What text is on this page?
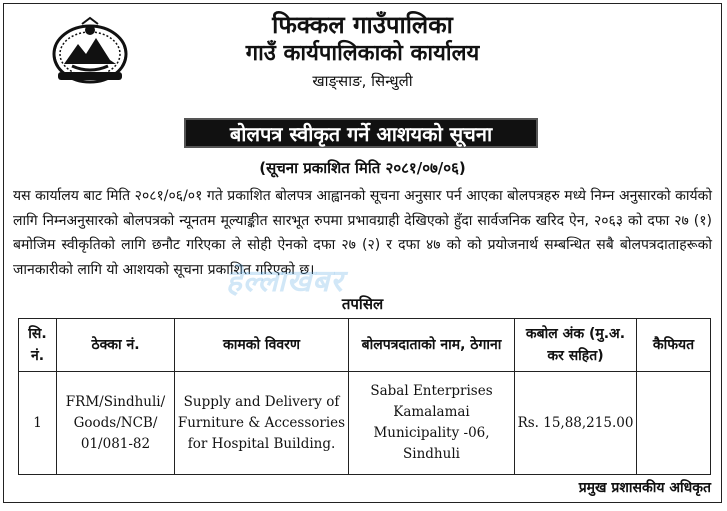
फिक्कल गाउँपालिका
गाउँ कार्यपालिकाको कार्यालय
खाङ्साङ, सिन्धुली
बोलपत्र स्वीकृत गर्ने आशयको सूचना
(सूचना प्रकाशित मिति २०८१/०७/०६)
यस कार्यालय बाट मिति २०८१/०६/०१ गते प्रकाशित बोलपत्र आह्वानको सूचना अनुसार पर्न आएका बोलपत्रहरु मध्ये निम्न अनुसारको कार्यको लागि निम्नअनुसारको बोलपत्रको न्यूनतम मूल्याङ्कीत सारभूत रुपमा प्रभावग्राही देखिएको हुँदा सार्वजनिक खरिद ऐन, २०६३ को दफा २७ (१) बमोजिम स्वीकृतिको लागि छनौट गरिएका ले सोही ऐनको दफा २७ (२) र दफा ४७ को को प्रयोजनार्थ सम्बन्धित सबै बोलपत्रदाताहरूको जानकारीको लागि यो आशयको सूचना प्रकाशित गरिएको छ।
हेल्लाखबर
तपसिल
सि. नं.	ठेक्का नं.	कामको विवरण	बोलपत्रदाताको नाम, ठेगाना	कबोल अंक (मु.अ. कर सहित)	कैफियत
1	FRM/Sindhuli/ Goods/NCB/ 01/081-82	Supply and Delivery of Furniture & Accessories for Hospital Building.	Sabal Enterprises Kamalamai Municipality -06, Sindhuli	Rs. 15,88,215.00	
प्रमुख प्रशासकीय अधिकृत
